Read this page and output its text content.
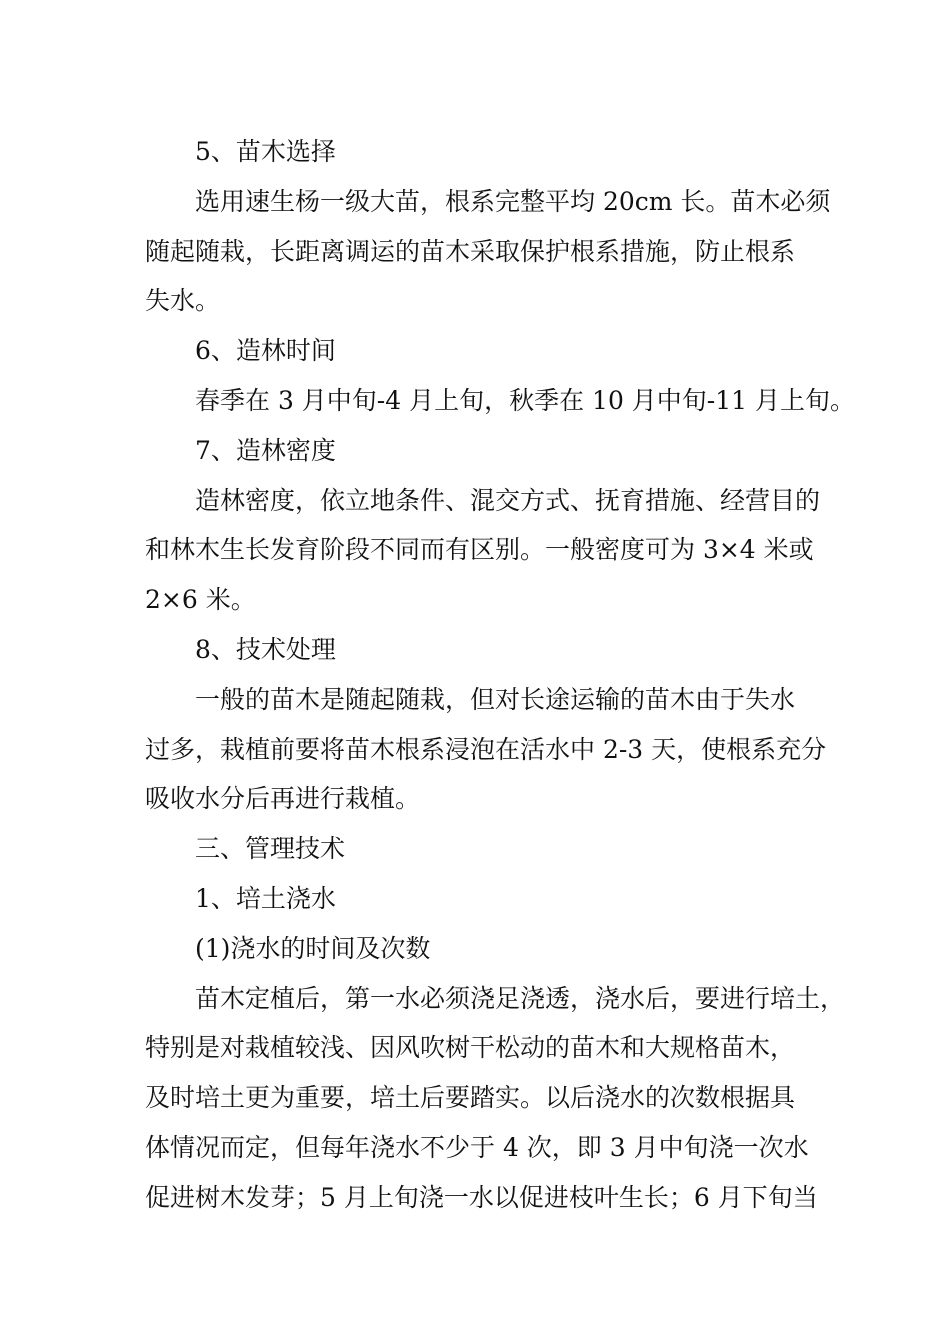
5、苗木选择

选用速生杨一级大苗，根系完整平均 20cm 长。苗木必须

随起随栽，长距离调运的苗木采取保护根系措施，防止根系

失水。

6、造林时间

春季在 3 月中旬-4 月上旬，秋季在 10 月中旬-11 月上旬。

7、造林密度

造林密度，依立地条件、混交方式、抚育措施、经营目的

和林木生长发育阶段不同而有区别。一般密度可为 3×4 米或

2×6 米。

8、技术处理

一般的苗木是随起随栽，但对长途运输的苗木由于失水

过多，栽植前要将苗木根系浸泡在活水中 2-3 天，使根系充分

吸收水分后再进行栽植。

三、管理技术

1、培土浇水

(1)浇水的时间及次数

苗木定植后，第一水必须浇足浇透，浇水后，要进行培土，

特别是对栽植较浅、因风吹树干松动的苗木和大规格苗木，

及时培土更为重要，培土后要踏实。以后浇水的次数根据具

体情况而定，但每年浇水不少于 4 次，即 3 月中旬浇一次水

促进树木发芽；5 月上旬浇一水以促进枝叶生长；6 月下旬当
